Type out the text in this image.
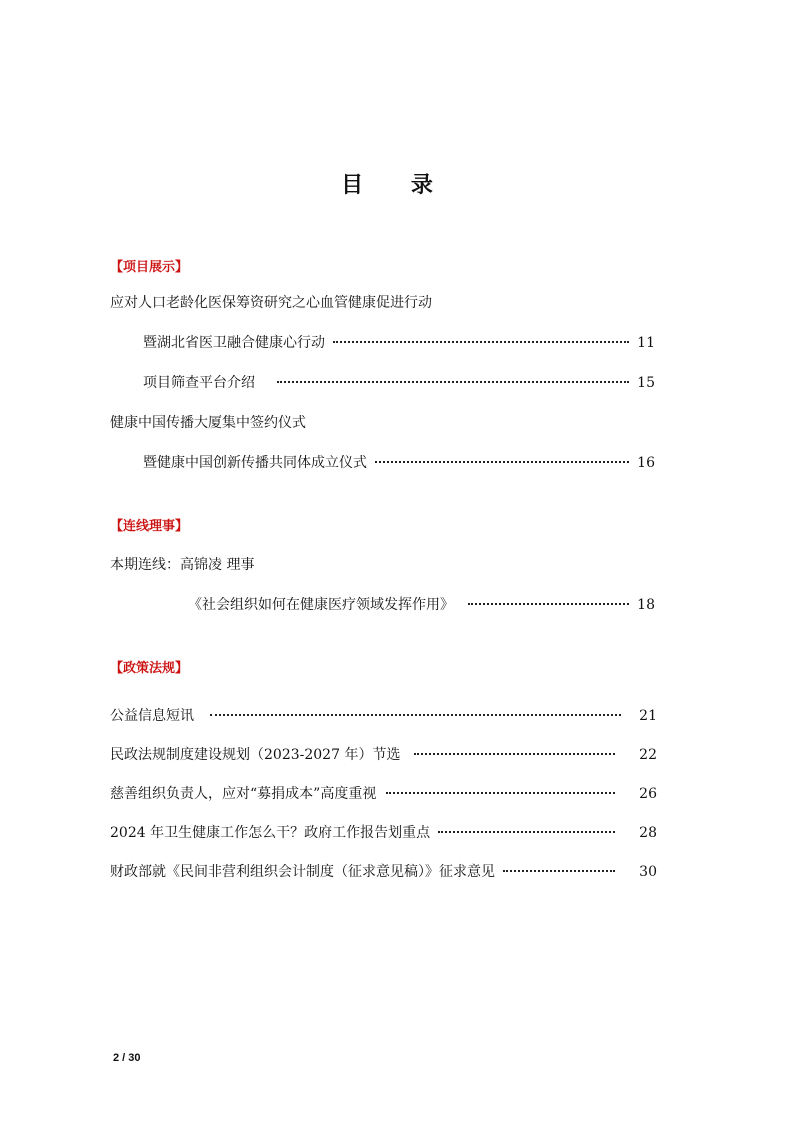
目 录
【项目展示】
应对人口老龄化医保筹资研究之心血管健康促进行动
暨湖北省医卫融合健康心行动	11
项目筛查平台介绍	15
健康中国传播大厦集中签约仪式
暨健康中国创新传播共同体成立仪式	16
【连线理事】
本期连线：高锦凌 理事
《社会组织如何在健康医疗领域发挥作用》	18
【政策法规】
公益信息短讯	21
民政法规制度建设规划（2023-2027 年）节选	22
慈善组织负责人，应对“募捐成本”高度重视	26
2024 年卫生健康工作怎么干？政府工作报告划重点	28
财政部就《民间非营利组织会计制度（征求意见稿）》征求意见	30
2 / 30
